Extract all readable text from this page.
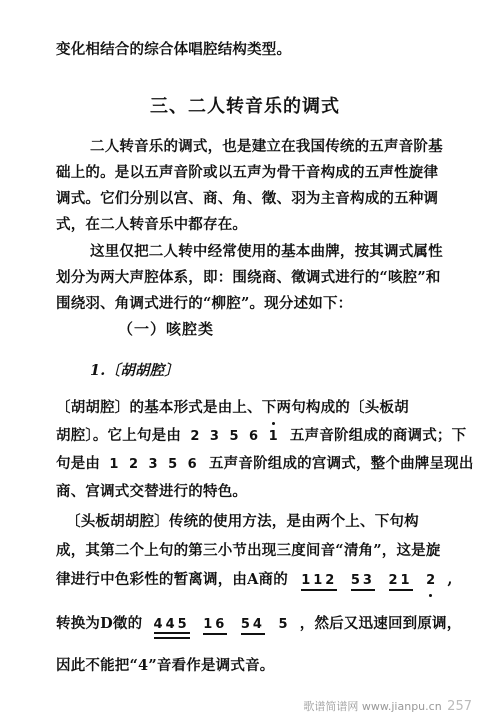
变化相结合的综合体唱腔结构类型。
三、二人转音乐的调式
二人转音乐的调式，也是建立在我国传统的五声音阶基
础上的。是以五声音阶或以五声为骨干音构成的五声性旋律
调式。它们分别以宫、商、角、徵、羽为主音构成的五种调
式，在二人转音乐中都存在。
这里仅把二人转中经常使用的基本曲牌，按其调式属性
划分为两大声腔体系，即：围绕商、徵调式进行的“咳腔”和
围绕羽、角调式进行的“柳腔”。现分述如下：
（一）咳腔类
1.〔胡胡腔〕
〔胡胡腔〕的基本形式是由上、下两句构成的〔头板胡
胡腔〕。它上句是由 2 3 5 6 1 五声音阶组成的商调式；下
句是由 1 2 3 5 6 五声音阶组成的宫调式，整个曲牌呈现出
商、宫调式交替进行的特色。
〔头板胡胡腔〕传统的使用方法，是由两个上、下句构
成，其第二个上句的第三小节出现三度间音“清角”，这是旋
律进行中色彩性的暂离调，由A商的 112 53 21 2 ,
转换为D徵的 445 16 54 5 ，然后又迅速回到原调，
因此不能把“4”音看作是调式音。
歌谱简谱网 www.jianpu.cn 257
